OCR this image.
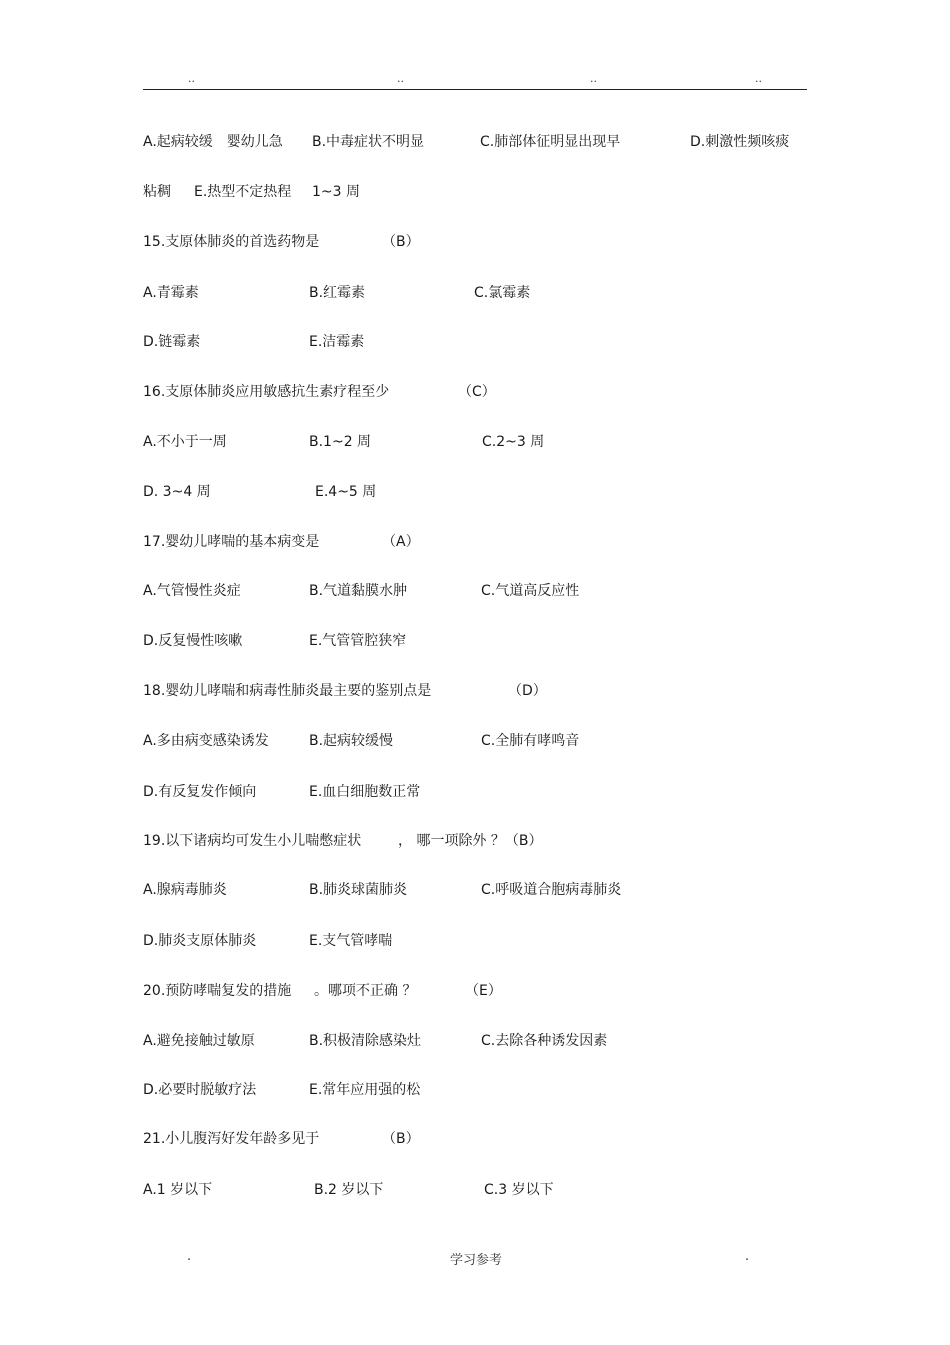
..	..	..	..
A.起病较缓　婴幼儿急 B.中毒症状不明显	C.肺部体征明显出现早	D.刺激性频咳痰
粘稠 E.热型不定热程 1~3 周
15.支原体肺炎的首选药物是	（B）
A.青霉素	B.红霉素	C.氯霉素
D.链霉素	E.洁霉素
16.支原体肺炎应用敏感抗生素疗程至少	（C）
A.不小于一周	B.1~2 周	C.2~3 周
D. 3~4 周	E.4~5 周
17.婴幼儿哮喘的基本病变是	（A）
A.气管慢性炎症	B.气道黏膜水肿	C.气道高反应性
D.反复慢性咳嗽	E.气管管腔狭窄
18.婴幼儿哮喘和病毒性肺炎最主要的鉴别点是	（D）
A.多由病变感染诱发	B.起病较缓慢	C.全肺有哮鸣音
D.有反复发作倾向	E.血白细胞数正常
19.以下诸病均可发生小儿喘憋症状	， 哪一项除外 ？（B）
A.腺病毒肺炎	B.肺炎球菌肺炎	C.呼吸道合胞病毒肺炎
D.肺炎支原体肺炎	E.支气管哮喘
20.预防哮喘复发的措施 。哪项不正确 ？	（E）
A.避免接触过敏原	B.积极清除感染灶	C.去除各种诱发因素
D.必要时脱敏疗法	E.常年应用强的松
21.小儿腹泻好发年龄多见于	（B）
A.1 岁以下	B.2 岁以下	C.3 岁以下
.	学习参考	.
